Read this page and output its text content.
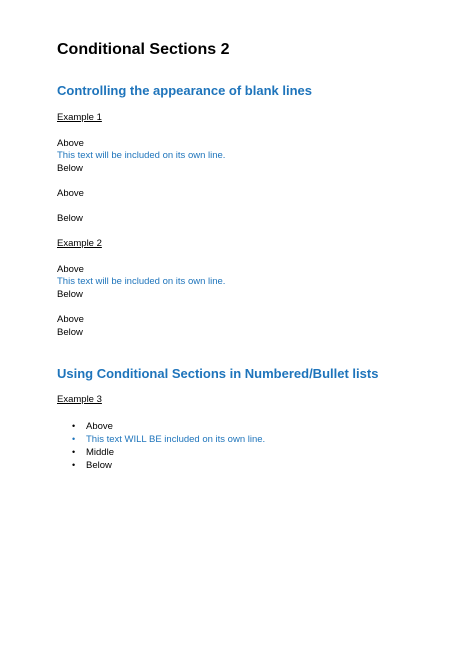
Conditional Sections 2
Controlling the appearance of blank lines
Example 1
Above
This text will be included on its own line.
Below
Above
Below
Example 2
Above
This text will be included on its own line.
Below
Above
Below
Using Conditional Sections in Numbered/Bullet lists
Example 3
• Above
• This text WILL BE included on its own line.
• Middle
• Below
